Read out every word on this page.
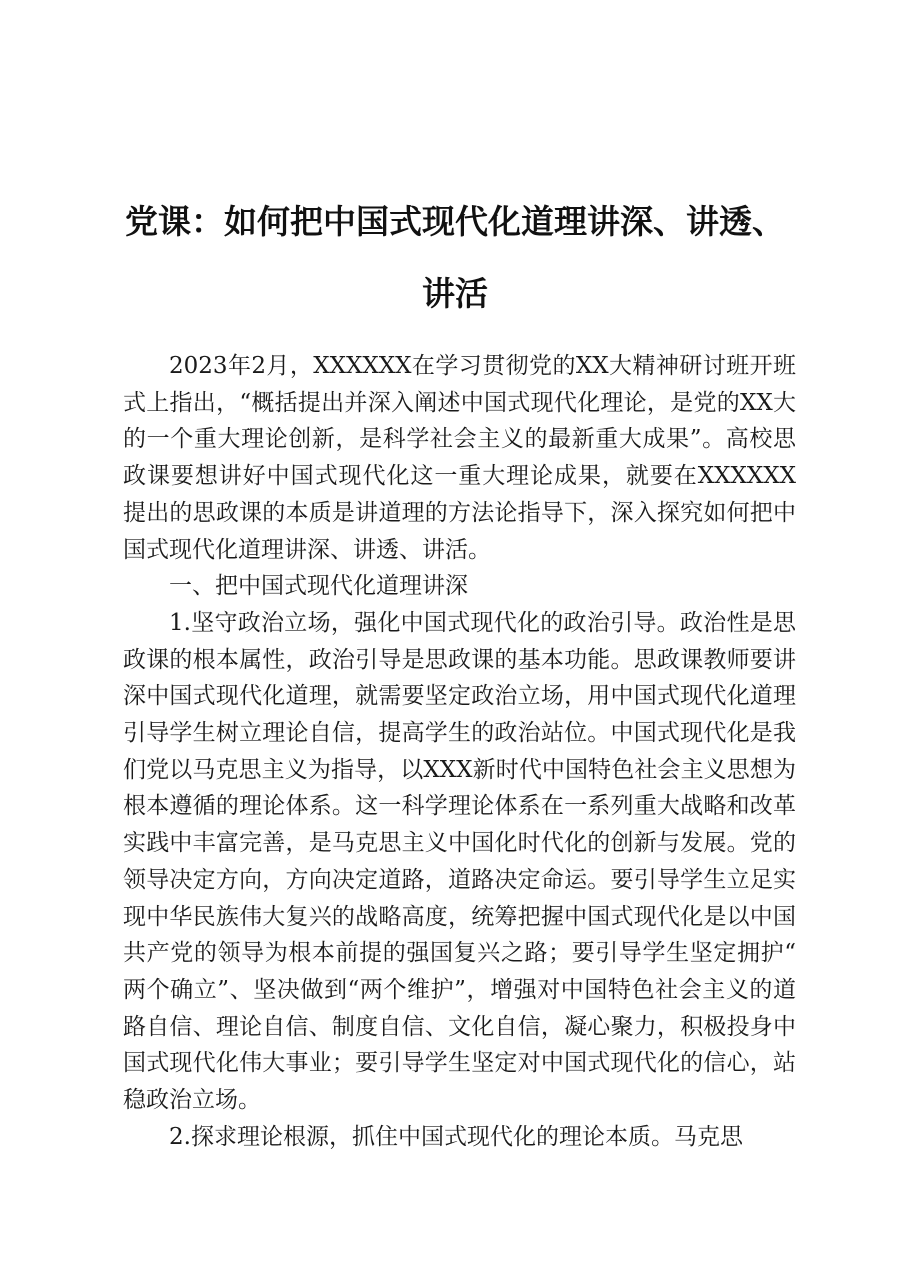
党课：如何把中国式现代化道理讲深、讲透、讲活

2023年2月，XXXXXX在学习贯彻党的XX大精神研讨班开班式上指出，“概括提出并深入阐述中国式现代化理论，是党的XX大的一个重大理论创新，是科学社会主义的最新重大成果”。高校思政课要想讲好中国式现代化这一重大理论成果，就要在XXXXXX提出的思政课的本质是讲道理的方法论指导下，深入探究如何把中国式现代化道理讲深、讲透、讲活。

一、把中国式现代化道理讲深

1.坚守政治立场，强化中国式现代化的政治引导。政治性是思政课的根本属性，政治引导是思政课的基本功能。思政课教师要讲深中国式现代化道理，就需要坚定政治立场，用中国式现代化道理引导学生树立理论自信，提高学生的政治站位。中国式现代化是我们党以马克思主义为指导，以XXX新时代中国特色社会主义思想为根本遵循的理论体系。这一科学理论体系在一系列重大战略和改革实践中丰富完善，是马克思主义中国化时代化的创新与发展。党的领导决定方向，方向决定道路，道路决定命运。要引导学生立足实现中华民族伟大复兴的战略高度，统筹把握中国式现代化是以中国共产党的领导为根本前提的强国复兴之路；要引导学生坚定拥护“两个确立”、坚决做到“两个维护”，增强对中国特色社会主义的道路自信、理论自信、制度自信、文化自信，凝心聚力，积极投身中国式现代化伟大事业；要引导学生坚定对中国式现代化的信心，站稳政治立场。

2.探求理论根源，抓住中国式现代化的理论本质。马克思
